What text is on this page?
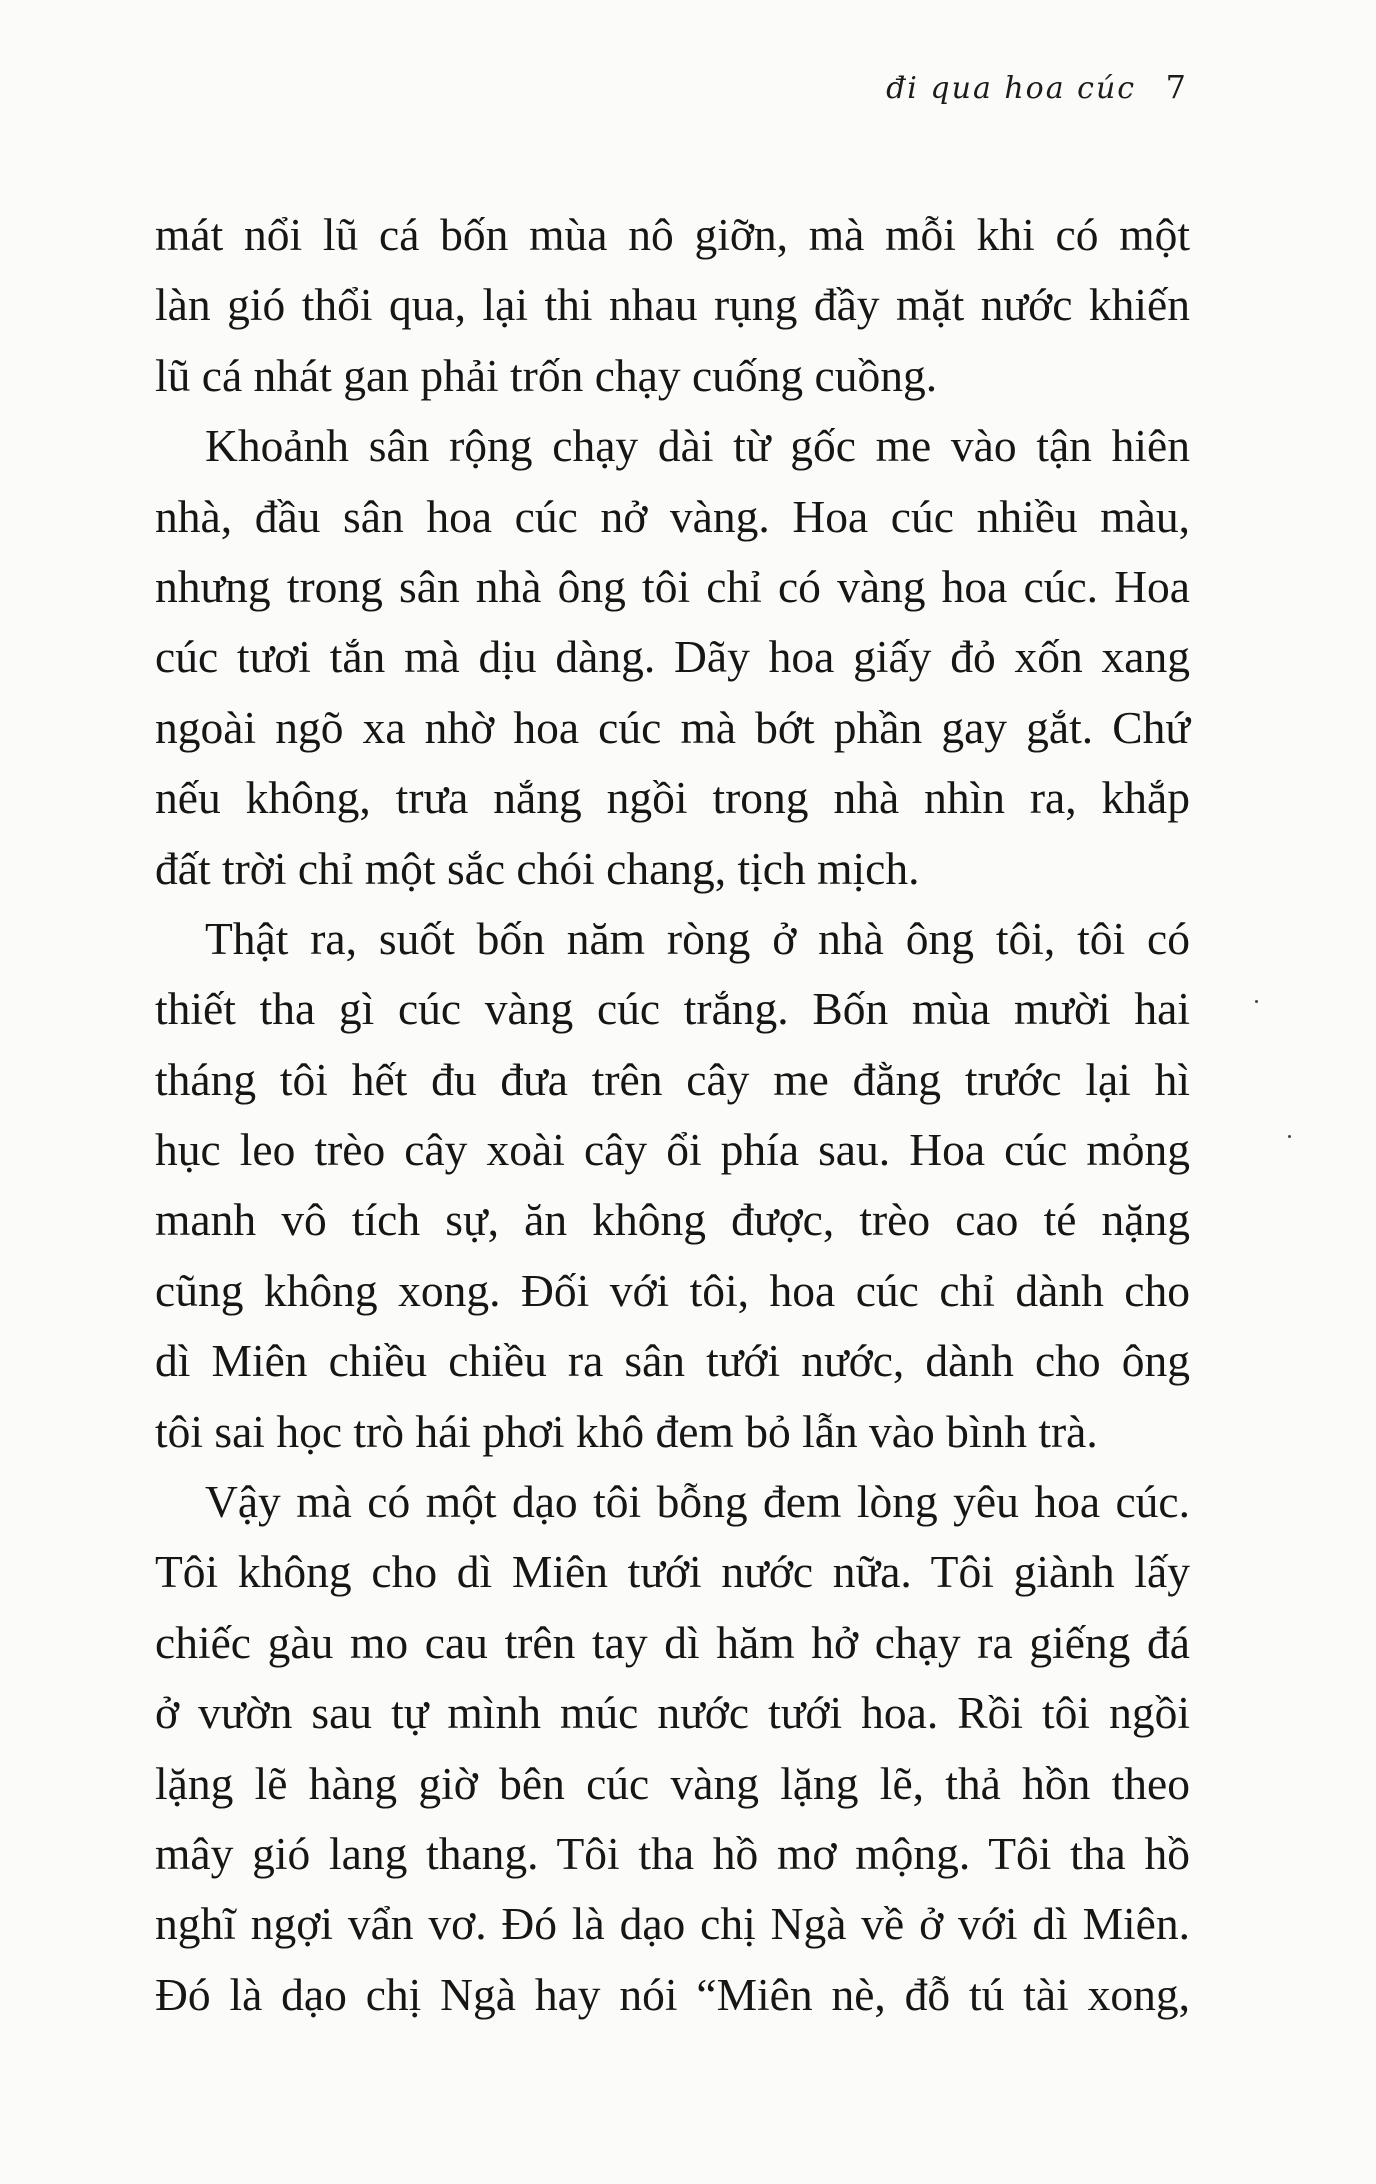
đi qua hoa cúc 7
mát nổi lũ cá bốn mùa nô giỡn, mà mỗi khi có một
làn gió thổi qua, lại thi nhau rụng đầy mặt nước khiến
lũ cá nhát gan phải trốn chạy cuống cuồng.
Khoảnh sân rộng chạy dài từ gốc me vào tận hiên
nhà, đầu sân hoa cúc nở vàng. Hoa cúc nhiều màu,
nhưng trong sân nhà ông tôi chỉ có vàng hoa cúc. Hoa
cúc tươi tắn mà dịu dàng. Dãy hoa giấy đỏ xốn xang
ngoài ngõ xa nhờ hoa cúc mà bớt phần gay gắt. Chứ
nếu không, trưa nắng ngồi trong nhà nhìn ra, khắp
đất trời chỉ một sắc chói chang, tịch mịch.
Thật ra, suốt bốn năm ròng ở nhà ông tôi, tôi có
thiết tha gì cúc vàng cúc trắng. Bốn mùa mười hai
tháng tôi hết đu đưa trên cây me đằng trước lại hì
hục leo trèo cây xoài cây ổi phía sau. Hoa cúc mỏng
manh vô tích sự, ăn không được, trèo cao té nặng
cũng không xong. Đối với tôi, hoa cúc chỉ dành cho
dì Miên chiều chiều ra sân tưới nước, dành cho ông
tôi sai học trò hái phơi khô đem bỏ lẫn vào bình trà.
Vậy mà có một dạo tôi bỗng đem lòng yêu hoa cúc.
Tôi không cho dì Miên tưới nước nữa. Tôi giành lấy
chiếc gàu mo cau trên tay dì hăm hở chạy ra giếng đá
ở vườn sau tự mình múc nước tưới hoa. Rồi tôi ngồi
lặng lẽ hàng giờ bên cúc vàng lặng lẽ, thả hồn theo
mây gió lang thang. Tôi tha hồ mơ mộng. Tôi tha hồ
nghĩ ngợi vẩn vơ. Đó là dạo chị Ngà về ở với dì Miên.
Đó là dạo chị Ngà hay nói “Miên nè, đỗ tú tài xong,
